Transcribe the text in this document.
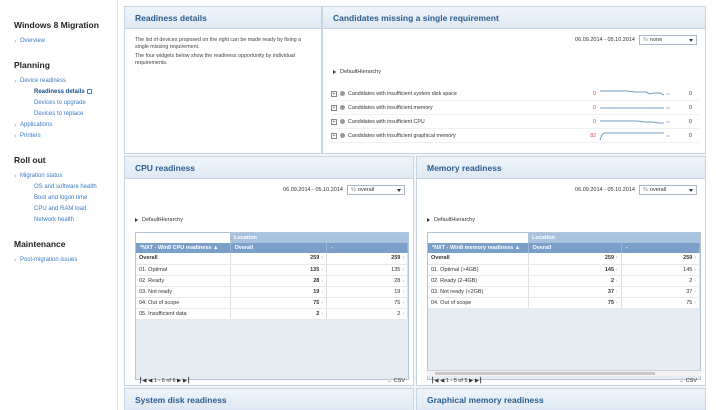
Windows 8 Migration
› Overview
Planning
› Device readiness
Readiness details
Devices to upgrade
Devices to replace
› Applications
› Printers
Roll out
› Migration status
OS and software health
Boot and logon time
CPU and RAM load
Network health
Maintenance
› Post-migration issues
Readiness details

The list of devices proposed on the right can be made ready by fixing a single missing requirement.

The four widgets below show the readiness opportunity by individual requirements.

Candidates missing a single requirement
06.09.2014 - 05.10.2014	% none
DefaultHierarchy
+ Candidates with insufficient system disk space	0	0
+ Candidates with insufficient memory	0	0
+ Candidates with insufficient CPU	0	0
+ Candidates with insufficient graphical memory	82	0
CPU readiness
06.09.2014 - 05.10.2014	% overall
DefaultHierarchy
	Location	
*NXT - Win8 CPU readiness ▲	Overall	-
Overall	259 ›	259 ›
01. Optimal	135 ›	135 ›
02. Ready	28 ›	28 ›
03. Not ready	19 ›	19 ›
04. Out of scope	75 ›	75 ›
05. Insufficient data	2 ›	2 ›
┃◀ ◀ 1 - 6 of 6 ▶ ▶┃	→ CSV
Memory readiness
06.09.2014 - 05.10.2014	% overall
DefaultHierarchy
	Location	
*NXT - Win8 memory readiness ▲	Overall	-
Overall	259 ›	259 ›
01. Optimal (>4GB)	145 ›	145 ›
02. Ready (2-4GB)	2 ›	2 ›
03. Not ready (<2GB)	37 ›	37 ›
04. Out of scope	75 ›	75 ›
┃◀ ◀ 1 - 5 of 5 ▶ ▶┃	→ CSV
System disk readiness	Graphical memory readiness
